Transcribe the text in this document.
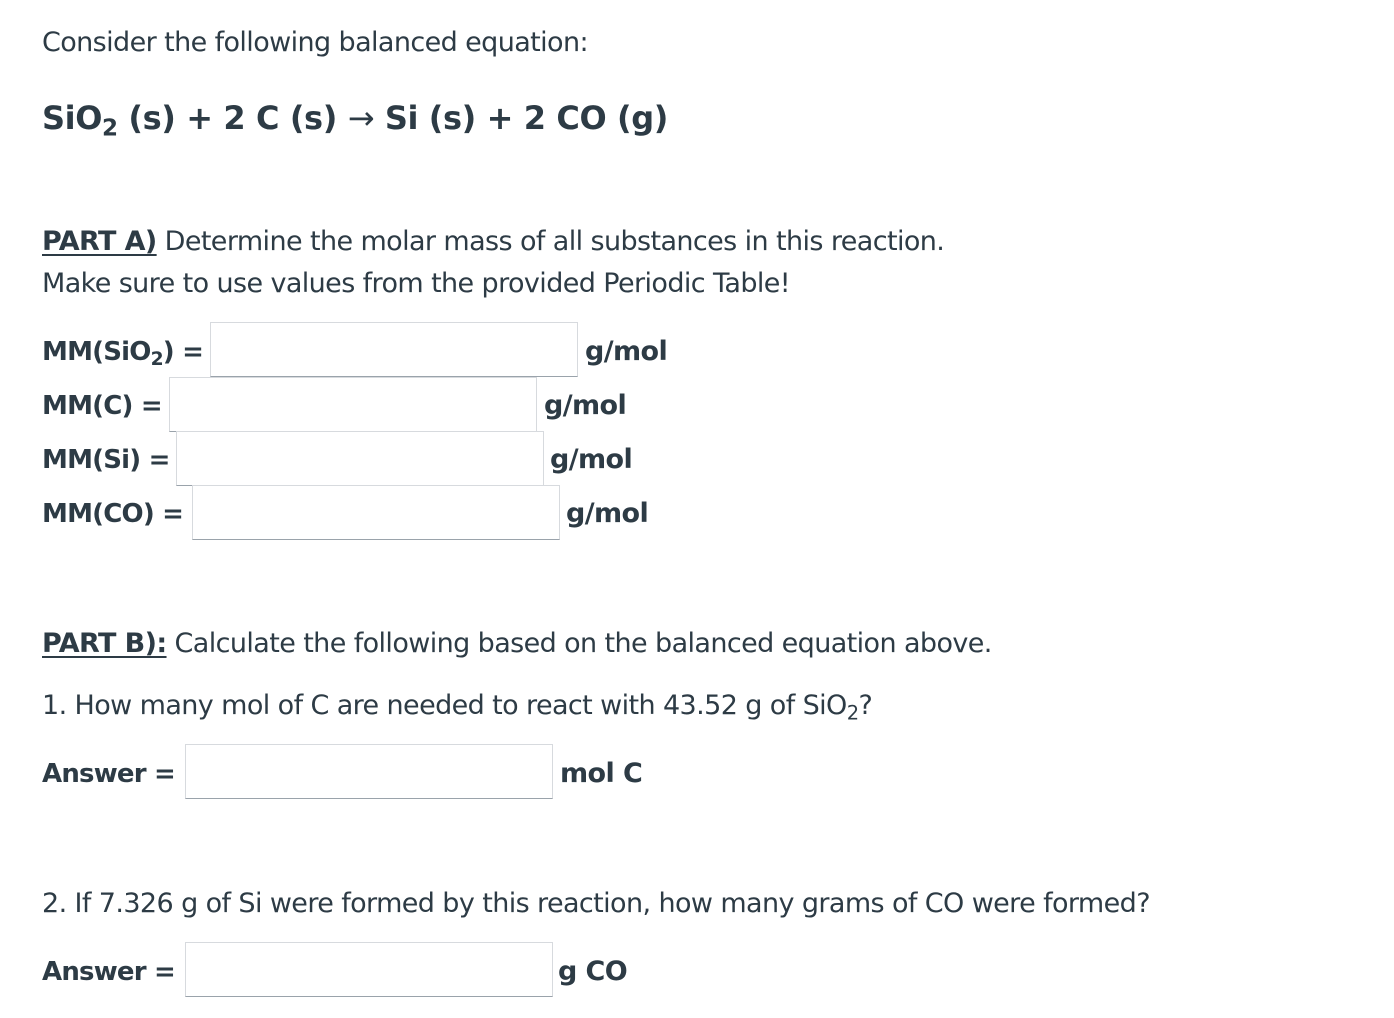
Consider the following balanced equation:
SiO$_2$ (s) + 2 C (s) → Si (s) + 2 CO (g)
PART A) Determine the molar mass of all substances in this reaction.
Make sure to use values from the provided Periodic Table!
MM(SiO$_2$) =	g/mol
MM(C) =	g/mol
MM(Si) =	g/mol
MM(CO) =	g/mol
PART B): Calculate the following based on the balanced equation above.
1. How many mol of C are needed to react with 43.52 g of SiO$_2$?
Answer =	mol C
2. If 7.326 g of Si were formed by this reaction, how many grams of CO were formed?
Answer =	g CO
